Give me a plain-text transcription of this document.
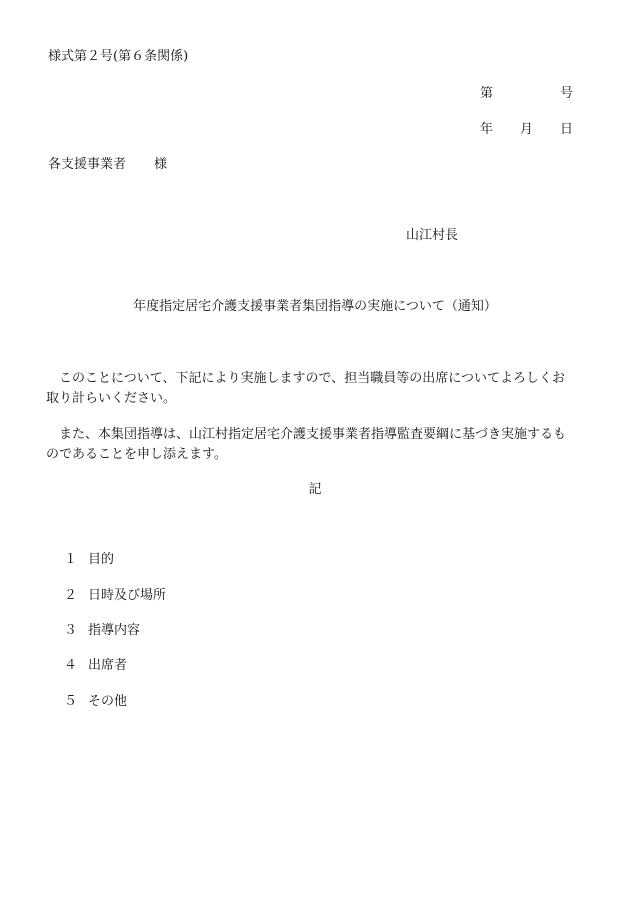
様式第２号(第６条関係)
第	号
年 月 日
各支援事業者 様
山江村長
年度指定居宅介護支援事業者集団指導の実施について（通知）
　このことについて、下記により実施しますので、担当職員等の出席についてよろしくお取り計らいください。
　また、本集団指導は、山江村指定居宅介護支援事業者指導監査要綱に基づき実施するものであることを申し添えます。
記
１ 目的
２ 日時及び場所
３ 指導内容
４ 出席者
５ その他
